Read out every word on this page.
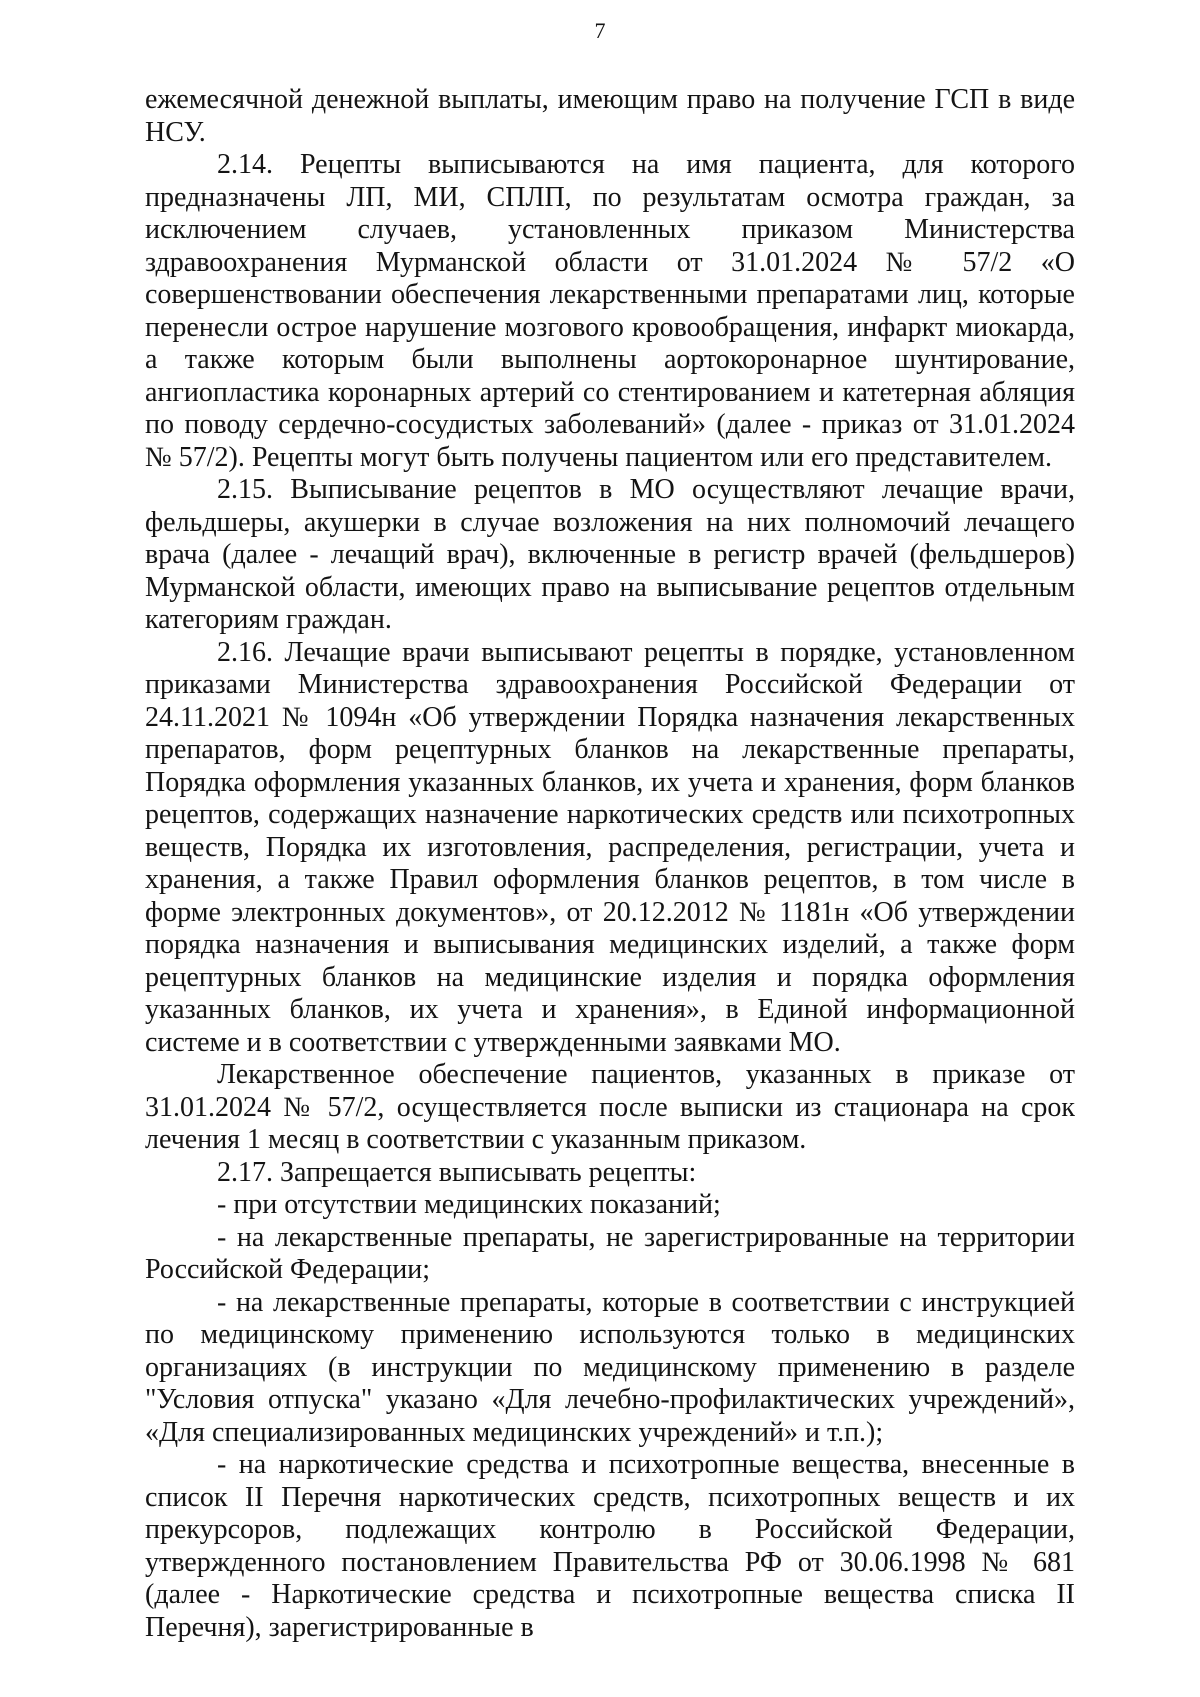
7

ежемесячной денежной выплаты, имеющим право на получение ГСП в виде НСУ.

2.14. Рецепты выписываются на имя пациента, для которого предназначены ЛП, МИ, СПЛП, по результатам осмотра граждан, за исключением случаев, установленных приказом Министерства здравоохранения Мурманской области от 31.01.2024 № 57/2 «О совершенствовании обеспечения лекарственными препаратами лиц, которые перенесли острое нарушение мозгового кровообращения, инфаркт миокарда, а также которым были выполнены аортокоронарное шунтирование, ангиопластика коронарных артерий со стентированием и катетерная абляция по поводу сердечно-сосудистых заболеваний» (далее - приказ от 31.01.2024 № 57/2). Рецепты могут быть получены пациентом или его представителем.

2.15. Выписывание рецептов в МО осуществляют лечащие врачи, фельдшеры, акушерки в случае возложения на них полномочий лечащего врача (далее - лечащий врач), включенные в регистр врачей (фельдшеров) Мурманской области, имеющих право на выписывание рецептов отдельным категориям граждан.

2.16. Лечащие врачи выписывают рецепты в порядке, установленном приказами Министерства здравоохранения Российской Федерации от 24.11.2021 № 1094н «Об утверждении Порядка назначения лекарственных препаратов, форм рецептурных бланков на лекарственные препараты, Порядка оформления указанных бланков, их учета и хранения, форм бланков рецептов, содержащих назначение наркотических средств или психотропных веществ, Порядка их изготовления, распределения, регистрации, учета и хранения, а также Правил оформления бланков рецептов, в том числе в форме электронных документов», от 20.12.2012 № 1181н «Об утверждении порядка назначения и выписывания медицинских изделий, а также форм рецептурных бланков на медицинские изделия и порядка оформления указанных бланков, их учета и хранения», в Единой информационной системе и в соответствии с утвержденными заявками МО.

Лекарственное обеспечение пациентов, указанных в приказе от 31.01.2024 № 57/2, осуществляется после выписки из стационара на срок лечения 1 месяц в соответствии с указанным приказом.

2.17. Запрещается выписывать рецепты:

- при отсутствии медицинских показаний;

- на лекарственные препараты, не зарегистрированные на территории Российской Федерации;

- на лекарственные препараты, которые в соответствии с инструкцией по медицинскому применению используются только в медицинских организациях (в инструкции по медицинскому применению в разделе "Условия отпуска" указано «Для лечебно-профилактических учреждений», «Для специализированных медицинских учреждений» и т.п.);

- на наркотические средства и психотропные вещества, внесенные в список II Перечня наркотических средств, психотропных веществ и их прекурсоров, подлежащих контролю в Российской Федерации, утвержденного постановлением Правительства РФ от 30.06.1998 № 681 (далее - Наркотические средства и психотропные вещества списка II Перечня), зарегистрированные в
